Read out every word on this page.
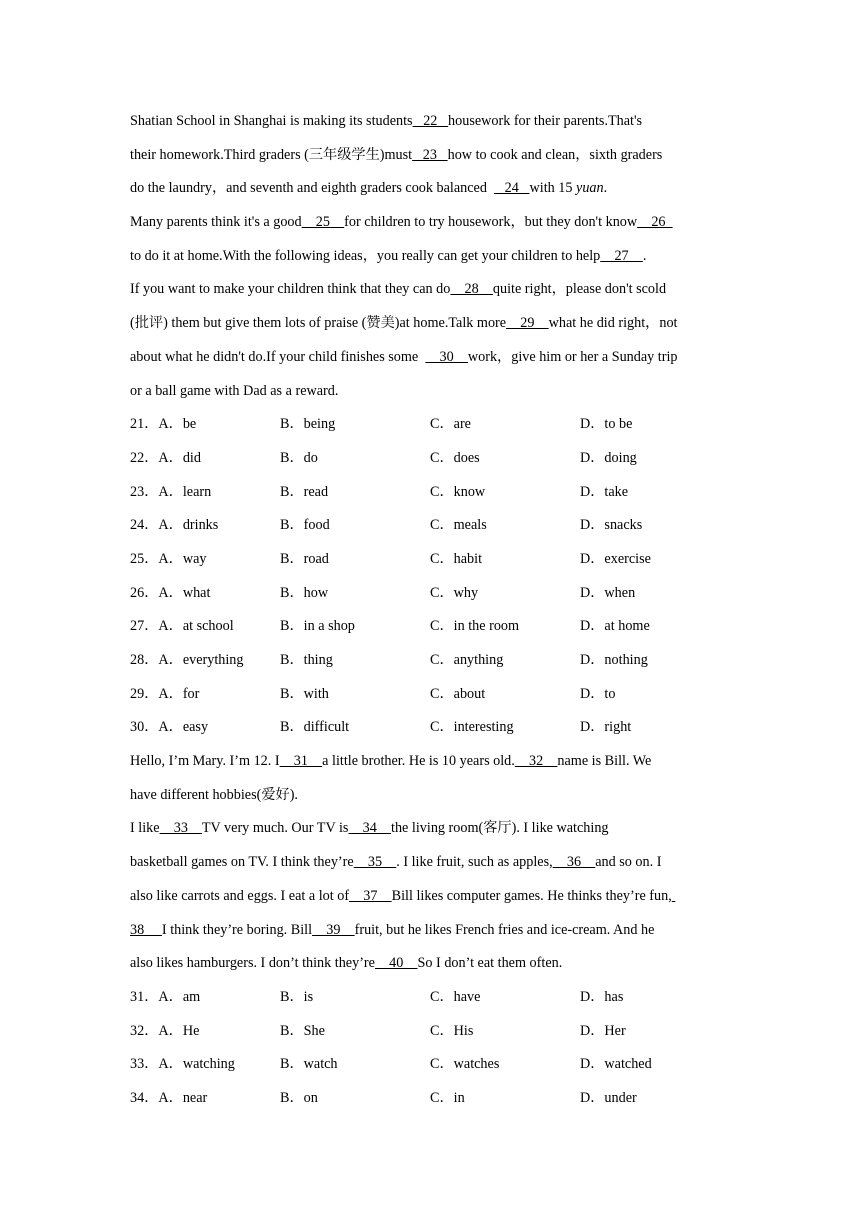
Shatian School in Shanghai is making its students   22   housework for their parents.That's
their homework.Third graders (三年级学生)must   23   how to cook and clean，sixth graders
do the laundry，and seventh and eighth graders cook balanced     24   with 15 yuan.
Many parents think it's a good    25    for children to try housework，but they don't know    26
to do it at home.With the following ideas，you really can get your children to help    27    .
If you want to make your children think that they can do    28    quite right，please don't scold
(批评) them but give them lots of praise (赞美)at home.Talk more    29    what he did right，not
about what he didn't do.If your child finishes some      30    work，give him or her a Sunday trip
or a ball game with Dad as a reward.
21．A．be	B．being	C．are	D．to be
22．A．did	B．do	C．does	D．doing
23．A．learn	B．read	C．know	D．take
24．A．drinks	B．food	C．meals	D．snacks
25．A．way	B．road	C．habit	D．exercise
26．A．what	B．how	C．why	D．when
27．A．at school	B．in a shop	C．in the room	D．at home
28．A．everything	B．thing	C．anything	D．nothing
29．A．for	B．with	C．about	D．to
30．A．easy	B．difficult	C．interesting	D．right
Hello, I’m Mary. I’m 12. I    31    a little brother. He is 10 years old.    32    name is Bill. We
have different hobbies(爱好).
I like    33    TV very much. Our TV is    34    the living room(客厅). I like watching
basketball games on TV. I think they’re    35    . I like fruit, such as apples,    36    and so on. I
also like carrots and eggs. I eat a lot of    37    Bill likes computer games. He thinks they’re fun,
38     I think they’re boring. Bill    39    fruit, but he likes French fries and ice-cream. And he
also likes hamburgers. I don’t think they’re    40    So I don’t eat them often.
31．A．am	B．is	C．have	D．has
32．A．He	B．She	C．His	D．Her
33．A．watching	B．watch	C．watches	D．watched
34．A．near	B．on	C．in	D．under
